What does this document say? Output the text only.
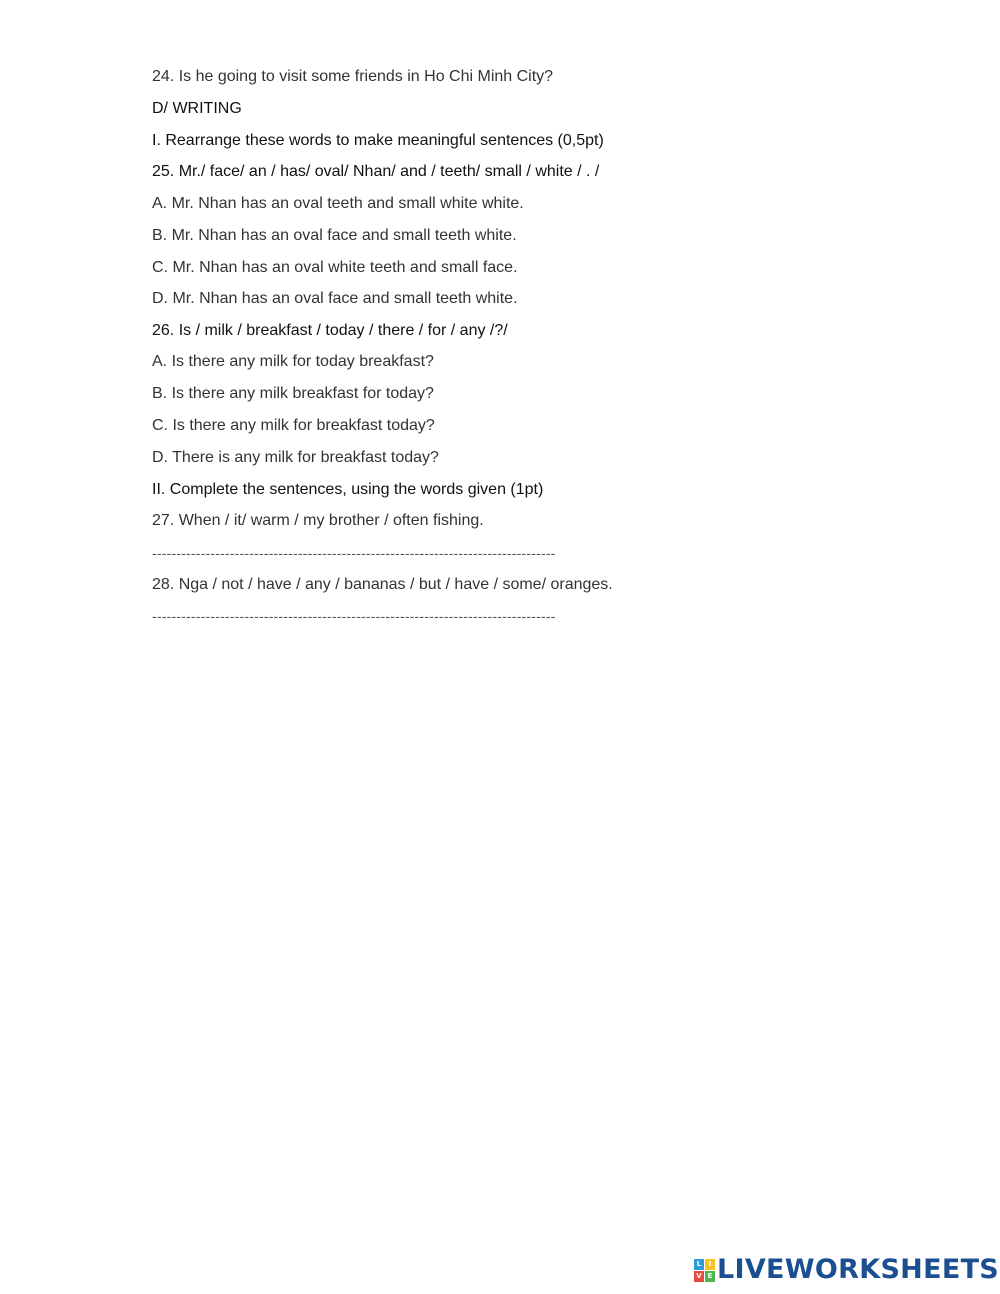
24. Is he going to visit some friends in Ho Chi Minh City?
D/ WRITING
I. Rearrange these words to make meaningful sentences (0,5pt)
25. Mr./ face/ an / has/ oval/ Nhan/ and / teeth/ small / white / . /
A. Mr. Nhan has an oval teeth and small white white.
B. Mr. Nhan has an oval face and small teeth white.
C. Mr. Nhan has an oval white teeth and small face.
D. Mr. Nhan has an oval face and small teeth white.
26. Is / milk / breakfast / today / there / for / any /?/
A. Is there any milk for today breakfast?
B. Is there any milk breakfast for today?
C. Is there any milk for breakfast today?
D. There is any milk for breakfast today?
II. Complete the sentences, using the words given (1pt)
27. When / it/ warm / my brother / often fishing.
-----------------------------------------------------------------------------------
28. Nga / not / have / any / bananas / but / have / some/ oranges.
-----------------------------------------------------------------------------------
L	I
V E LIVEWORKSHEETS
